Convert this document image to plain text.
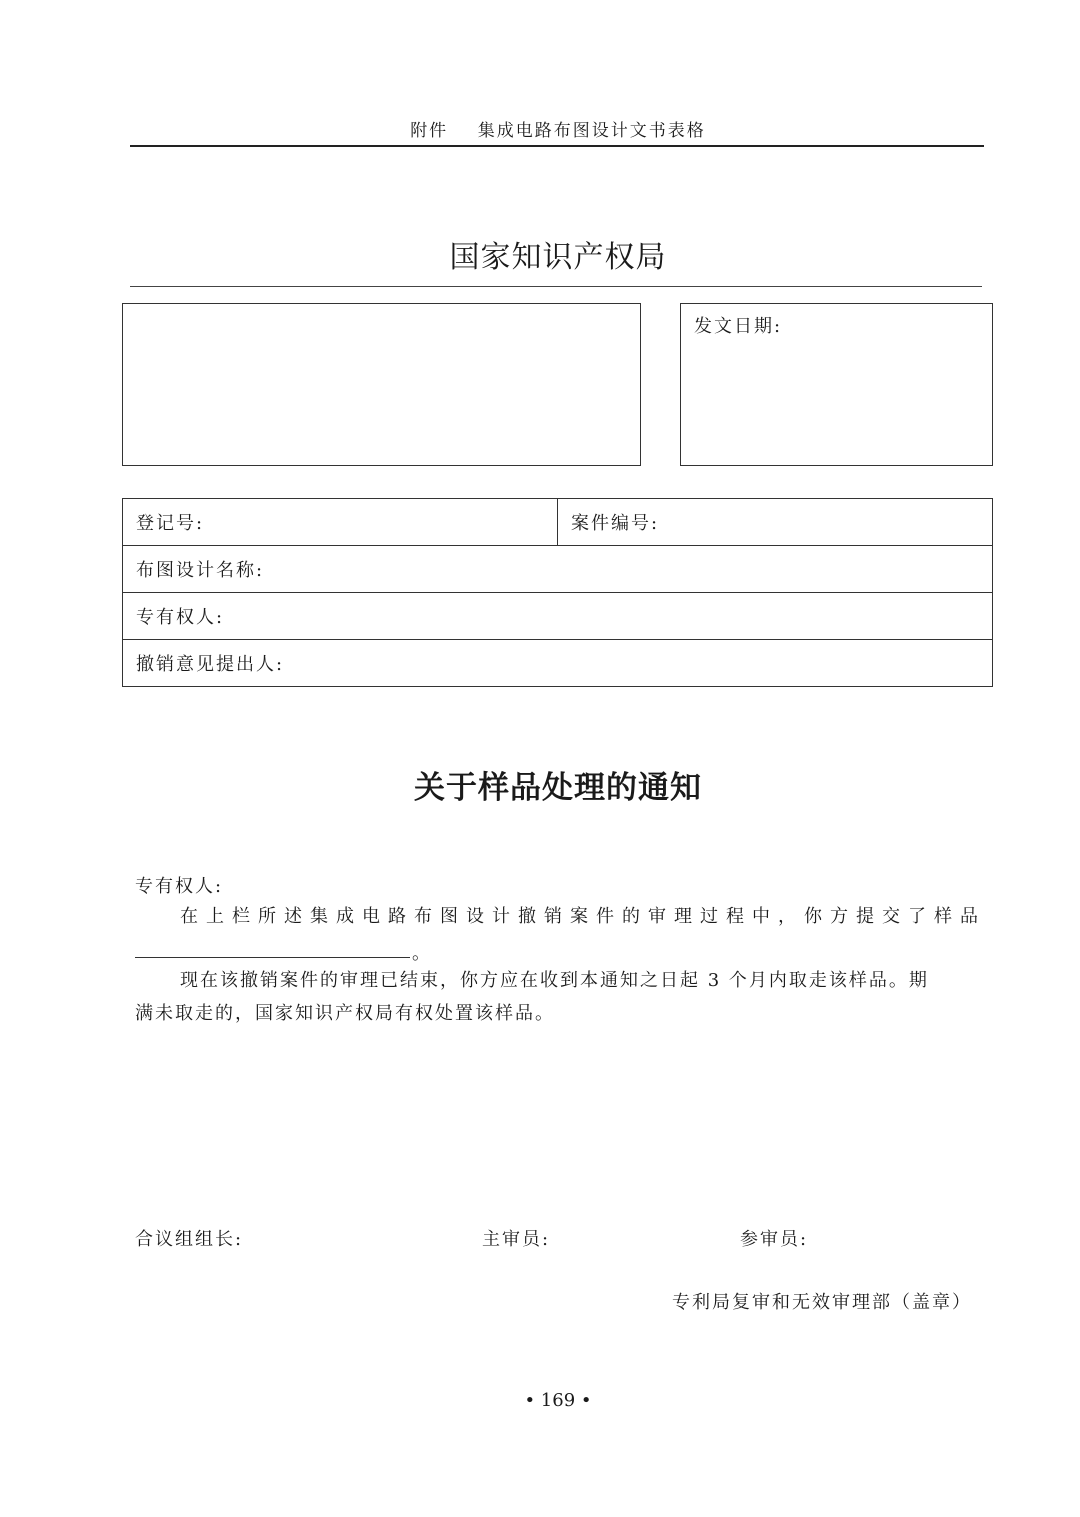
附件    集成电路布图设计文书表格
国家知识产权局
发文日期:
登记号:	案件编号:
布图设计名称:
专有权人:
撤销意见提出人:
关于样品处理的通知
专有权人:
在上栏所述集成电路布图设计撤销案件的审理过程中，你方提交了样品
。
现在该撤销案件的审理已结束，你方应在收到本通知之日起 3 个月内取走该样品。期
满未取走的，国家知识产权局有权处置该样品。
合议组组长:	主审员:	参审员:
专利局复审和无效审理部（盖章）
• 169 •
